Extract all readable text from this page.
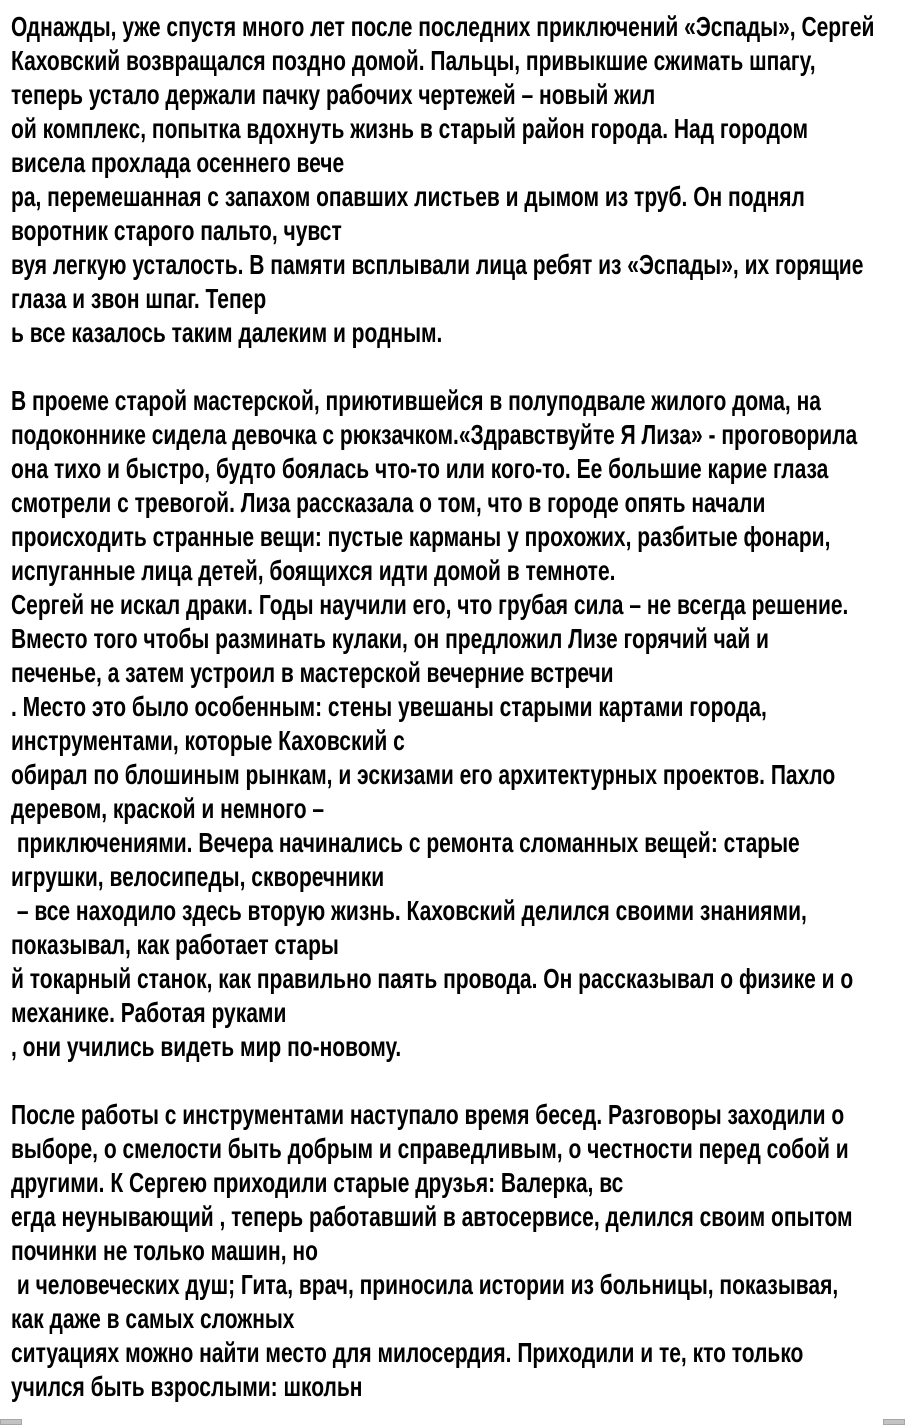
Однажды, уже спустя много лет после последних приключений «Эспады», Сергей
Каховский возвращался поздно домой. Пальцы, привыкшие сжимать шпагу,
теперь устало держали пачку рабочих чертежей – новый жил
ой комплекс, попытка вдохнуть жизнь в старый район города. Над городом
висела прохлада осеннего вече
ра, перемешанная с запахом опавших листьев и дымом из труб. Он поднял
воротник старого пальто, чувст
вуя легкую усталость. В памяти всплывали лица ребят из «Эспады», их горящие
глаза и звон шпаг. Тепер
ь все казалось таким далеким и родным.
В проеме старой мастерской, приютившейся в полуподвале жилого дома, на
подоконнике сидела девочка с рюкзачком.«Здравствуйте Я Лиза» - проговорила
она тихо и быстро, будто боялась что-то или кого-то. Ее большие карие глаза
смотрели с тревогой. Лиза рассказала о том, что в городе опять начали
происходить странные вещи: пустые карманы у прохожих, разбитые фонари,
испуганные лица детей, боящихся идти домой в темноте.
Сергей не искал драки. Годы научили его, что грубая сила – не всегда решение.
Вместо того чтобы разминать кулаки, он предложил Лизе горячий чай и
печенье, а затем устроил в мастерской вечерние встречи
. Место это было особенным: стены увешаны старыми картами города,
инструментами, которые Каховский с
обирал по блошиным рынкам, и эскизами его архитектурных проектов. Пахло
деревом, краской и немного –
приключениями. Вечера начинались с ремонта сломанных вещей: старые
игрушки, велосипеды, скворечники
– все находило здесь вторую жизнь. Каховский делился своими знаниями,
показывал, как работает стары
й токарный станок, как правильно паять провода. Он рассказывал о физике и о
механике. Работая руками
, они учились видеть мир по-новому.
После работы с инструментами наступало время бесед. Разговоры заходили о
выборе, о смелости быть добрым и справедливым, о честности перед собой и
другими. К Сергею приходили старые друзья: Валерка, вс
егда неунывающий , теперь работавший в автосервисе, делился своим опытом
починки не только машин, но
и человеческих душ; Гита, врач, приносила истории из больницы, показывая,
как даже в самых сложных
ситуациях можно найти место для милосердия. Приходили и те, кто только
учился быть взрослыми: школьн
